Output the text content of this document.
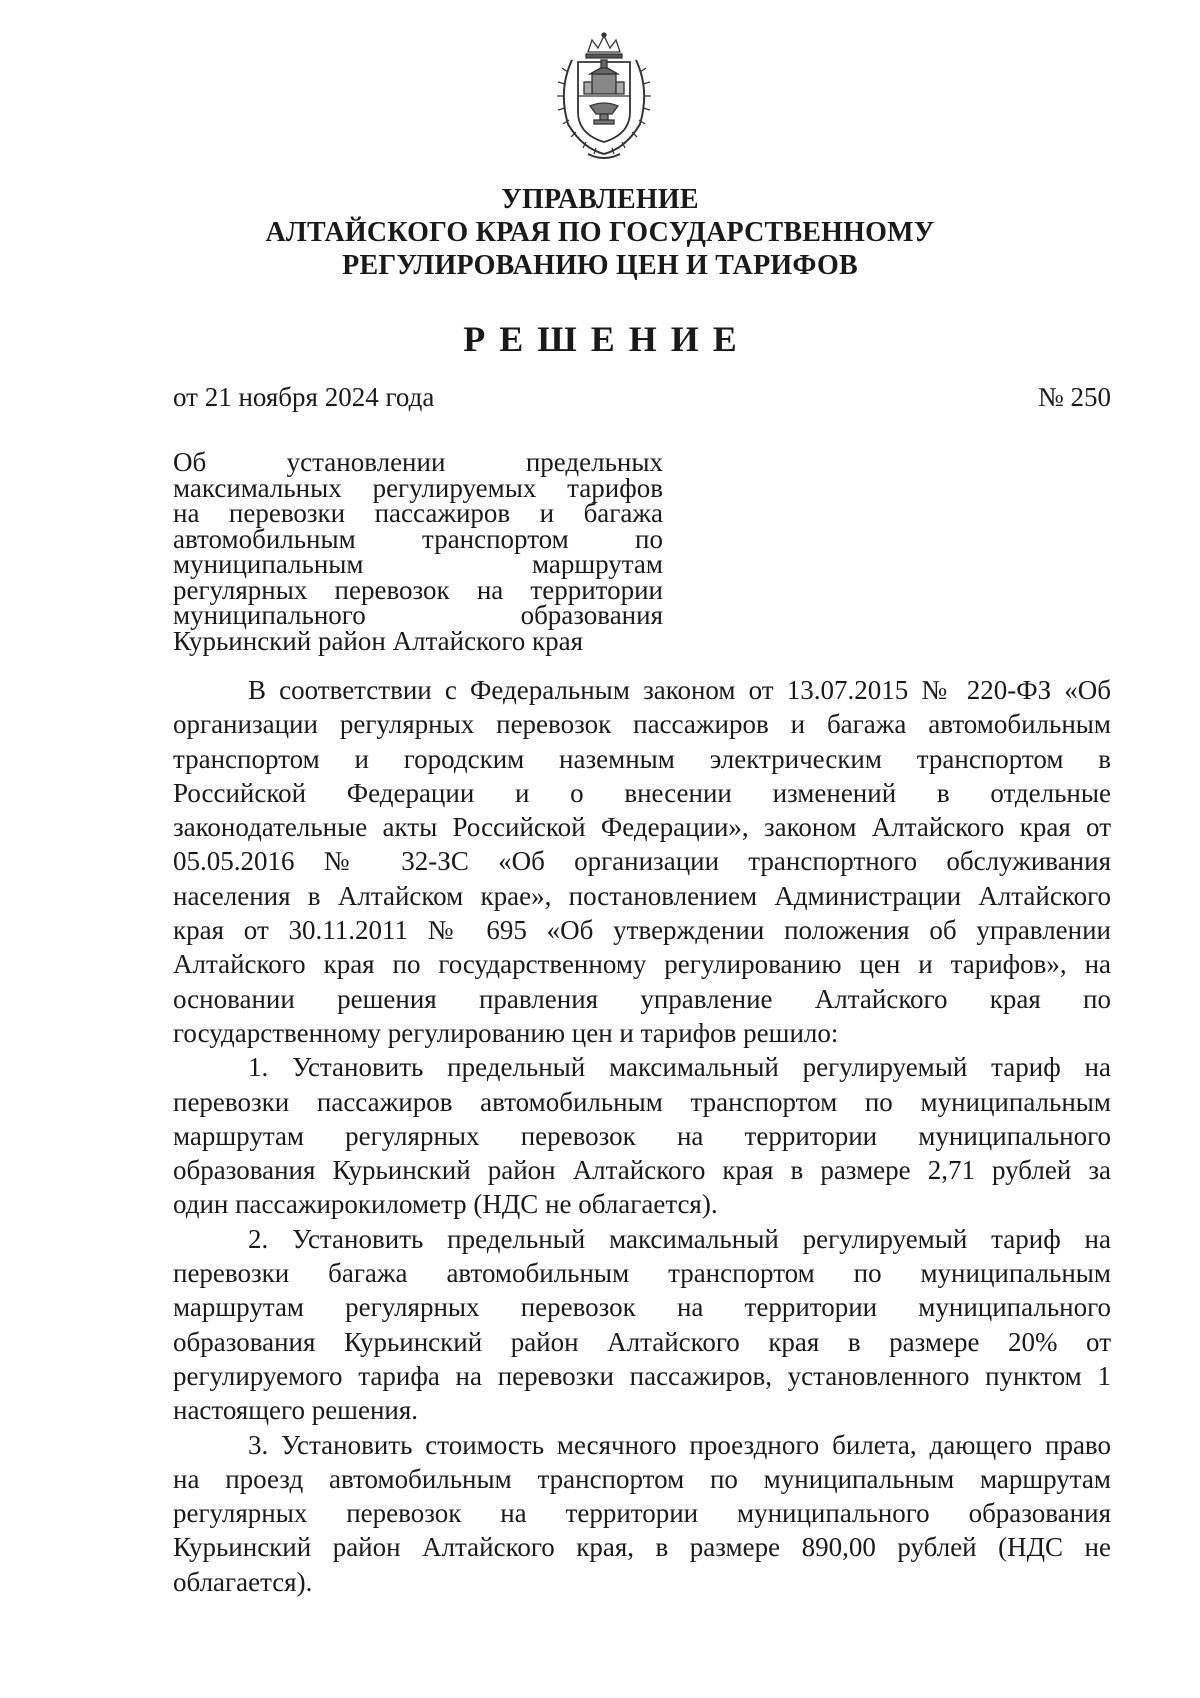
УПРАВЛЕНИЕ
АЛТАЙСКОГО КРАЯ ПО ГОСУДАРСТВЕННОМУ
РЕГУЛИРОВАНИЮ ЦЕН И ТАРИФОВ
РЕШЕНИЕ
от 21 ноября 2024 года	№ 250
Об установлении предельных
максимальных регулируемых тарифов
на перевозки пассажиров и багажа
автомобильным транспортом по
муниципальным маршрутам
регулярных перевозок на территории
муниципального образования
Курьинский район Алтайского края
В соответствии с Федеральным законом от 13.07.2015 № 220-ФЗ «Об
организации регулярных перевозок пассажиров и багажа автомобильным
транспортом и городским наземным электрическим транспортом в
Российской Федерации и о внесении изменений в отдельные
законодательные акты Российской Федерации», законом Алтайского края от
05.05.2016 № 32-ЗС «Об организации транспортного обслуживания
населения в Алтайском крае», постановлением Администрации Алтайского
края от 30.11.2011 № 695 «Об утверждении положения об управлении
Алтайского края по государственному регулированию цен и тарифов», на
основании решения правления управление Алтайского края по
государственному регулированию цен и тарифов решило:
1. Установить предельный максимальный регулируемый тариф на
перевозки пассажиров автомобильным транспортом по муниципальным
маршрутам регулярных перевозок на территории муниципального
образования Курьинский район Алтайского края в размере 2,71 рублей за
один пассажирокилометр (НДС не облагается).
2. Установить предельный максимальный регулируемый тариф на
перевозки багажа автомобильным транспортом по муниципальным
маршрутам регулярных перевозок на территории муниципального
образования Курьинский район Алтайского края в размере 20% от
регулируемого тарифа на перевозки пассажиров, установленного пунктом 1
настоящего решения.
3. Установить стоимость месячного проездного билета, дающего право
на проезд автомобильным транспортом по муниципальным маршрутам
регулярных перевозок на территории муниципального образования
Курьинский район Алтайского края, в размере 890,00 рублей (НДС не
облагается).
